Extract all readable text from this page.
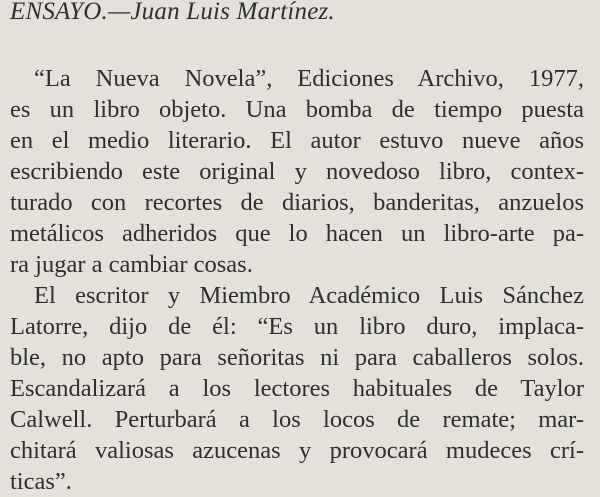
ENSAYO.—Juan Luis Martínez.
“La Nueva Novela”, Ediciones Archivo, 1977,
es un libro objeto. Una bomba de tiempo puesta
en el medio literario. El autor estuvo nueve años
escribiendo este original y novedoso libro, contex-
turado con recortes de diarios, banderitas, anzuelos
metálicos adheridos que lo hacen un libro-arte pa-
ra jugar a cambiar cosas.
El escritor y Miembro Académico Luis Sánchez
Latorre, dijo de él: “Es un libro duro, implaca-
ble, no apto para señoritas ni para caballeros solos.
Escandalizará a los lectores habituales de Taylor
Calwell. Perturbará a los locos de remate; mar-
chitará valiosas azucenas y provocará mudeces crí-
ticas”.
